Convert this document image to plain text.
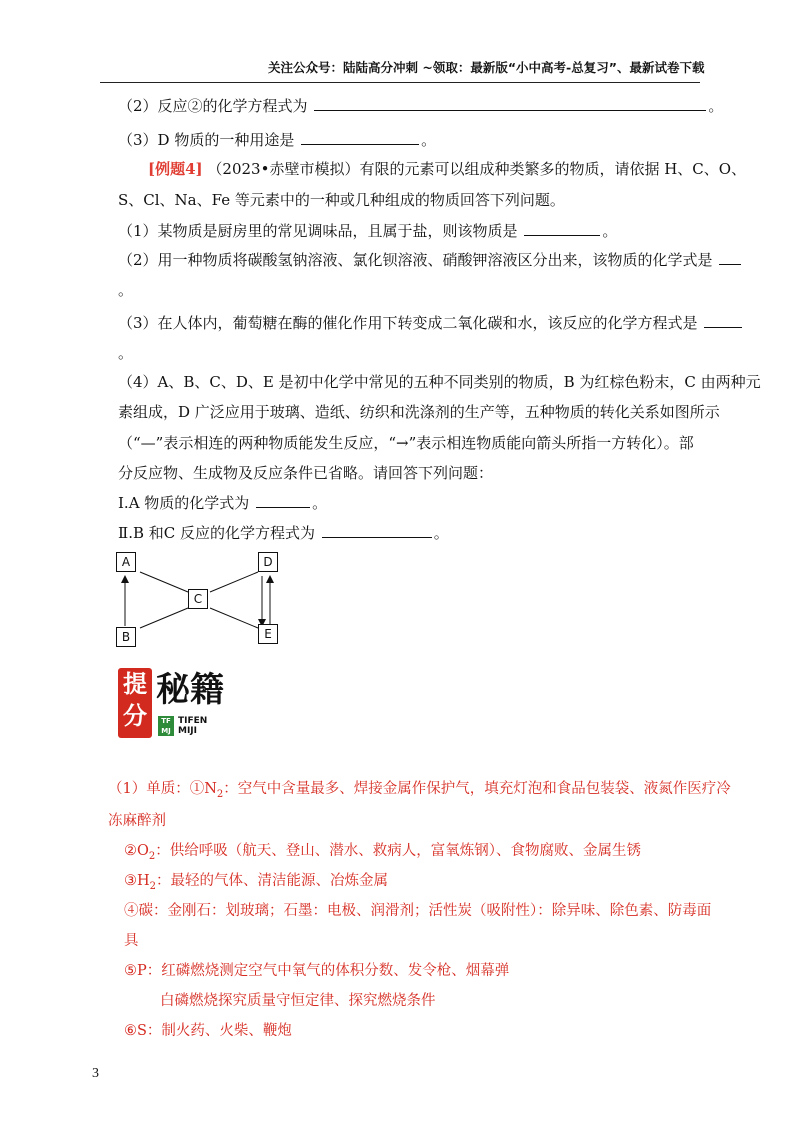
关注公众号：陆陆高分冲刺 ~领取：最新版“小中高考-总复习”、最新试卷下载
（2）反应②的化学方程式为	。
（3）D 物质的一种用途是	。
[例题4] （2023•赤壁市模拟）有限的元素可以组成种类繁多的物质，请依据 H、C、O、
S、Cl、Na、Fe 等元素中的一种或几种组成的物质回答下列问题。
（1）某物质是厨房里的常见调味品，且属于盐，则该物质是	。
（2）用一种物质将碳酸氢钠溶液、氯化钡溶液、硝酸钾溶液区分出来，该物质的化学式是
。
（3）在人体内，葡萄糖在酶的催化作用下转变成二氧化碳和水，该反应的化学方程式是
。
（4）A、B、C、D、E 是初中化学中常见的五种不同类别的物质，B 为红棕色粉末，C 由两种元
素组成，D 广泛应用于玻璃、造纸、纺织和洗涤剂的生产等，五种物质的转化关系如图所示
（“—”表示相连的两种物质能发生反应，“→”表示相连物质能向箭头所指一方转化）。部
分反应物、生成物及反应条件已省略。请回答下列问题：
Ⅰ.A 物质的化学式为	。
Ⅱ.B 和C 反应的化学方程式为	。
A	D
C
B	E
提分
秘籍
TF
MJ
TIFEN
MIJI
（1）单质：$①N_2$：空气中含量最多、焊接金属作保护气，填充灯泡和食品包装袋、液氮作医疗冷
冻麻醉剂
$②O_2$：供给呼吸（航天、登山、潜水、救病人，富氧炼钢）、食物腐败、金属生锈
$③H_2$：最轻的气体、清洁能源、冶炼金属
④碳：金刚石：划玻璃；石墨：电极、润滑剂；活性炭（吸附性）：除异味、除色素、防毒面
具
⑤P：红磷燃烧测定空气中氧气的体积分数、发令枪、烟幕弹
白磷燃烧探究质量守恒定律、探究燃烧条件
⑥S：制火药、火柴、鞭炮
3
